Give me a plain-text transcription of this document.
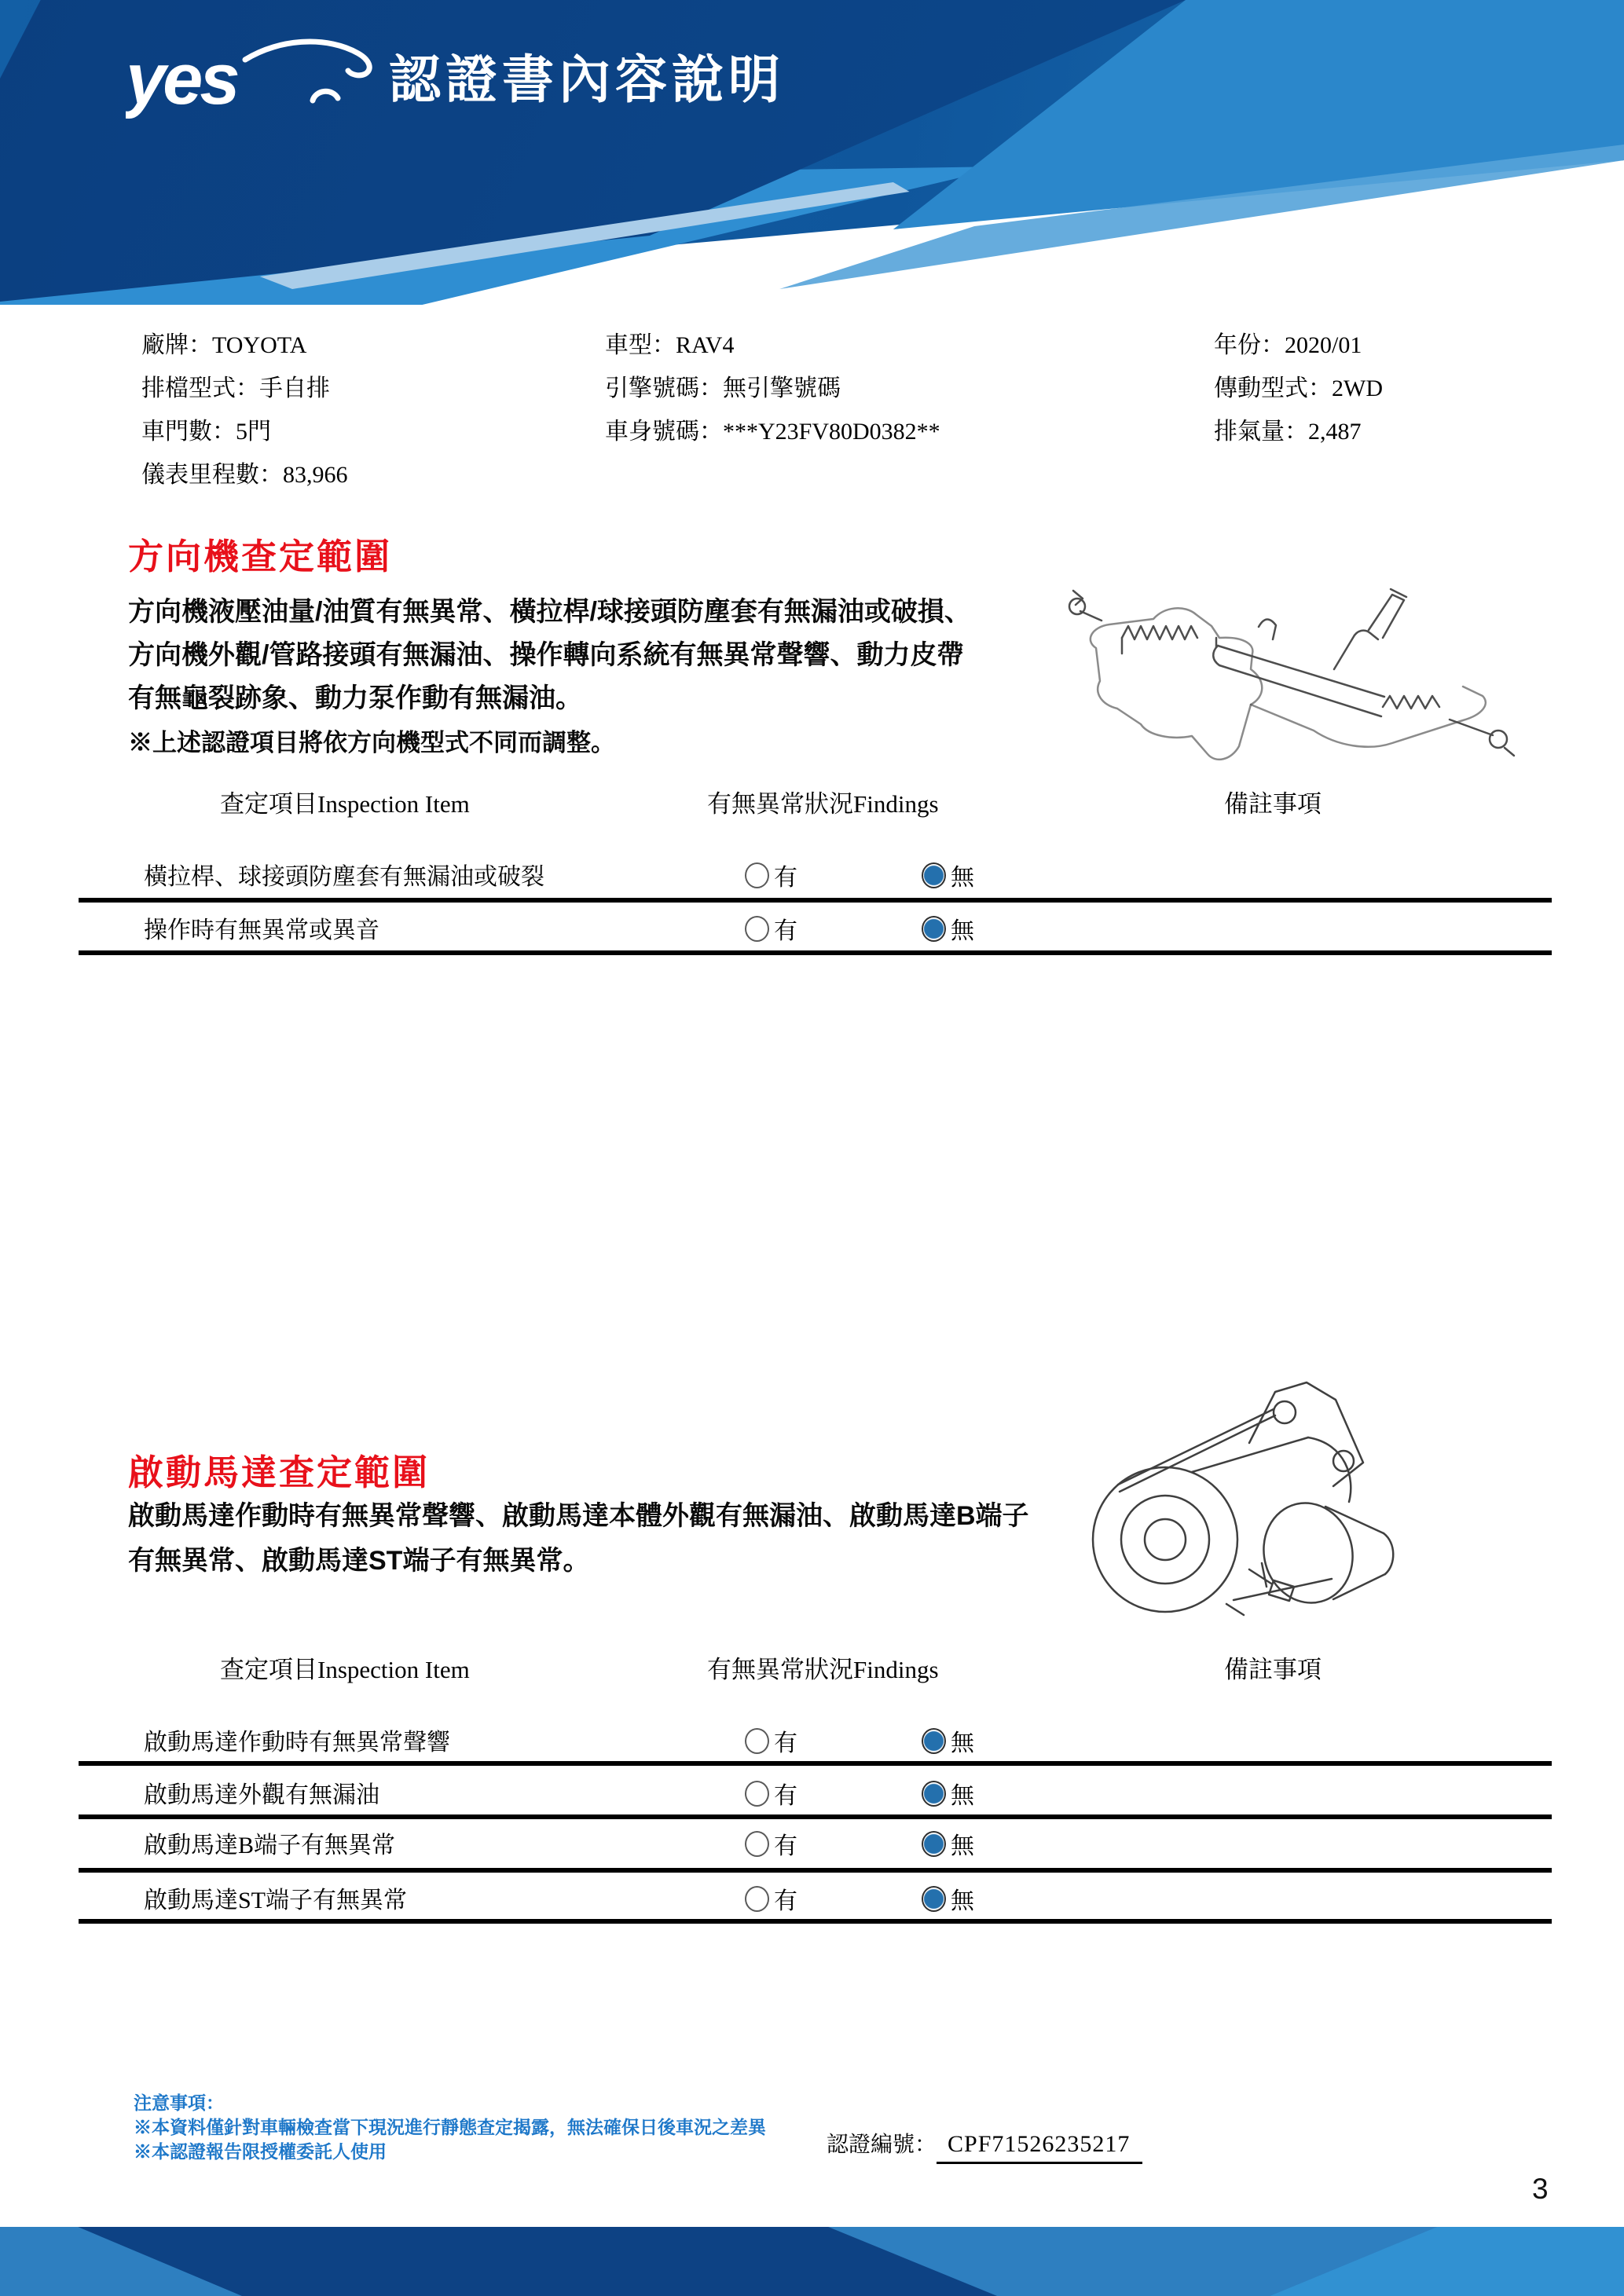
yes	認證書內容說明
廠牌：TOYOTA
排檔型式：手自排
車門數：5門
儀表里程數：83,966
車型：RAV4
引擎號碼：無引擎號碼
車身號碼：***Y23FV80D0382**
年份：2020/01
傳動型式：2WD
排氣量：2,487
方向機查定範圍
方向機液壓油量/油質有無異常、橫拉桿/球接頭防塵套有無漏油或破損、
方向機外觀/管路接頭有無漏油、操作轉向系統有無異常聲響、動力皮帶
有無龜裂跡象、動力泵作動有無漏油。
※上述認證項目將依方向機型式不同而調整。
查定項目Inspection Item	有無異常狀況Findings	備註事項
橫拉桿、球接頭防塵套有無漏油或破裂	有	無
操作時有無異常或異音	有	無
啟動馬達查定範圍
啟動馬達作動時有無異常聲響、啟動馬達本體外觀有無漏油、啟動馬達B端子
有無異常、啟動馬達ST端子有無異常。
查定項目Inspection Item	有無異常狀況Findings	備註事項
啟動馬達作動時有無異常聲響	有	無
啟動馬達外觀有無漏油	有	無
啟動馬達B端子有無異常	有	無
啟動馬達ST端子有無異常	有	無
注意事項：
※本資料僅針對車輛檢查當下現況進行靜態查定揭露，無法確保日後車況之差異
※本認證報告限授權委託人使用	認證編號： CPF71526235217
3
